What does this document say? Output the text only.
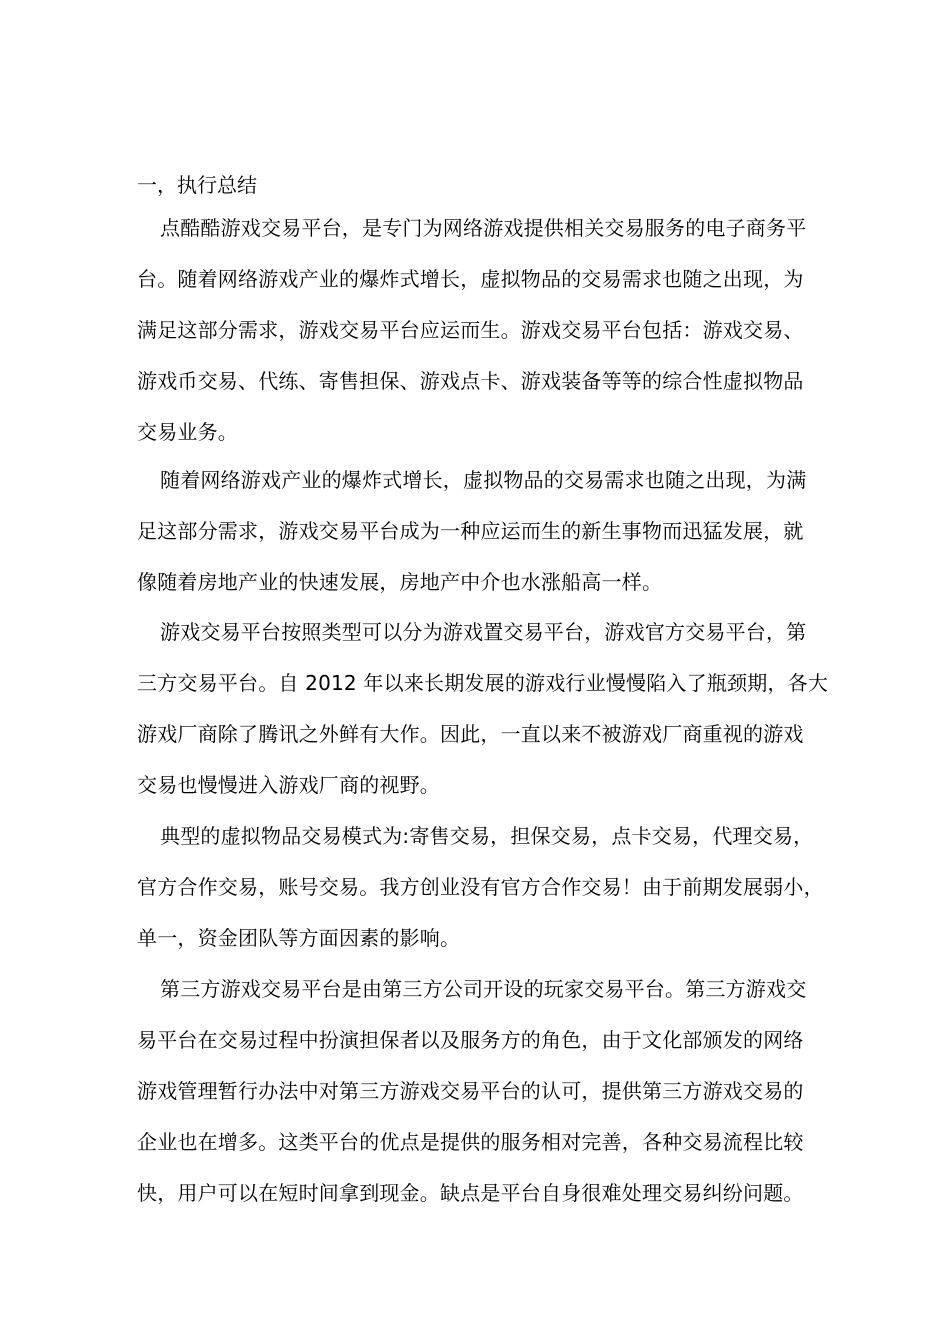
一，执行总结
点酷酷游戏交易平台，是专门为网络游戏提供相关交易服务的电子商务平
台。随着网络游戏产业的爆炸式增长，虚拟物品的交易需求也随之出现，为
满足这部分需求，游戏交易平台应运而生。游戏交易平台包括：游戏交易、
游戏币交易、代练、寄售担保、游戏点卡、游戏装备等等的综合性虚拟物品
交易业务。
随着网络游戏产业的爆炸式增长，虚拟物品的交易需求也随之出现，为满
足这部分需求，游戏交易平台成为一种应运而生的新生事物而迅猛发展，就
像随着房地产业的快速发展，房地产中介也水涨船高一样。
游戏交易平台按照类型可以分为游戏置交易平台，游戏官方交易平台，第
三方交易平台。自 2012 年以来长期发展的游戏行业慢慢陷入了瓶颈期，各大
游戏厂商除了腾讯之外鲜有大作。因此，一直以来不被游戏厂商重视的游戏
交易也慢慢进入游戏厂商的视野。
典型的虚拟物品交易模式为:寄售交易，担保交易，点卡交易，代理交易，
官方合作交易，账号交易。我方创业没有官方合作交易！由于前期发展弱小，
单一，资金团队等方面因素的影响。
第三方游戏交易平台是由第三方公司开设的玩家交易平台。第三方游戏交
易平台在交易过程中扮演担保者以及服务方的角色，由于文化部颁发的网络
游戏管理暂行办法中对第三方游戏交易平台的认可，提供第三方游戏交易的
企业也在增多。这类平台的优点是提供的服务相对完善，各种交易流程比较
快，用户可以在短时间拿到现金。缺点是平台自身很难处理交易纠纷问题。
